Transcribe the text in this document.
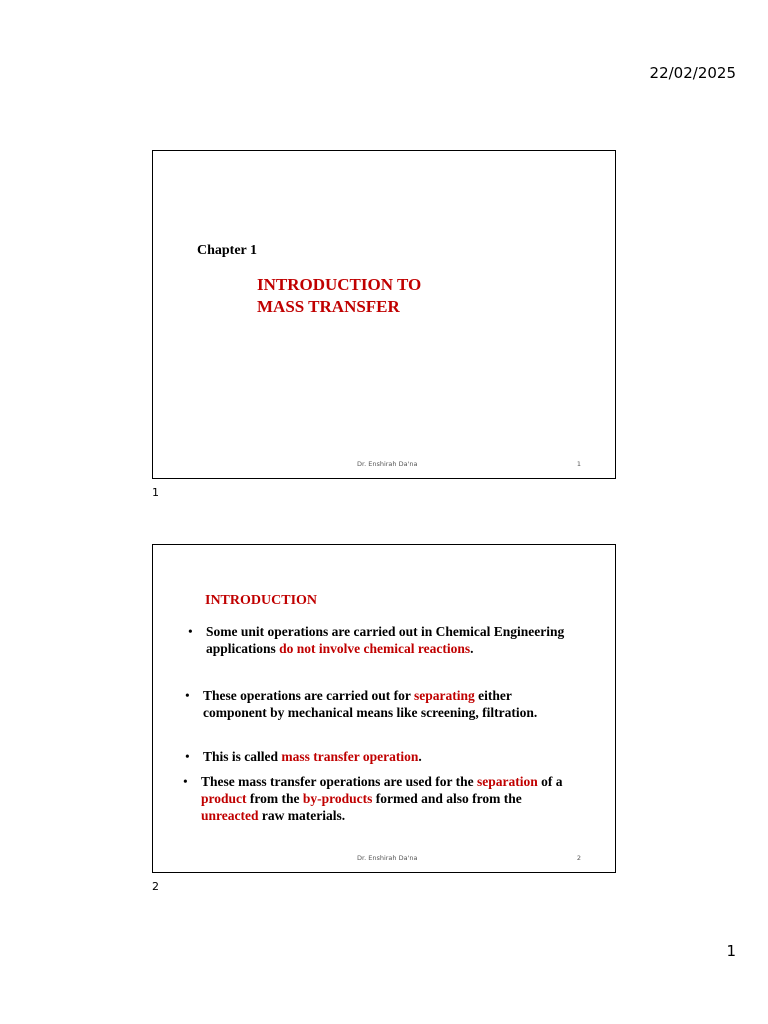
22/02/2025
Chapter 1
INTRODUCTION TO
MASS TRANSFER
Dr. Enshirah Da'na	1
1
INTRODUCTION
• Some unit operations are carried out in Chemical Engineering applications do not involve chemical reactions.
• These operations are carried out for separating either component by mechanical means like screening, filtration.
• This is called mass transfer operation.
• These mass transfer operations are used for the separation of a product from the by-products formed and also from the unreacted raw materials.
Dr. Enshirah Da'na	2
2
1
